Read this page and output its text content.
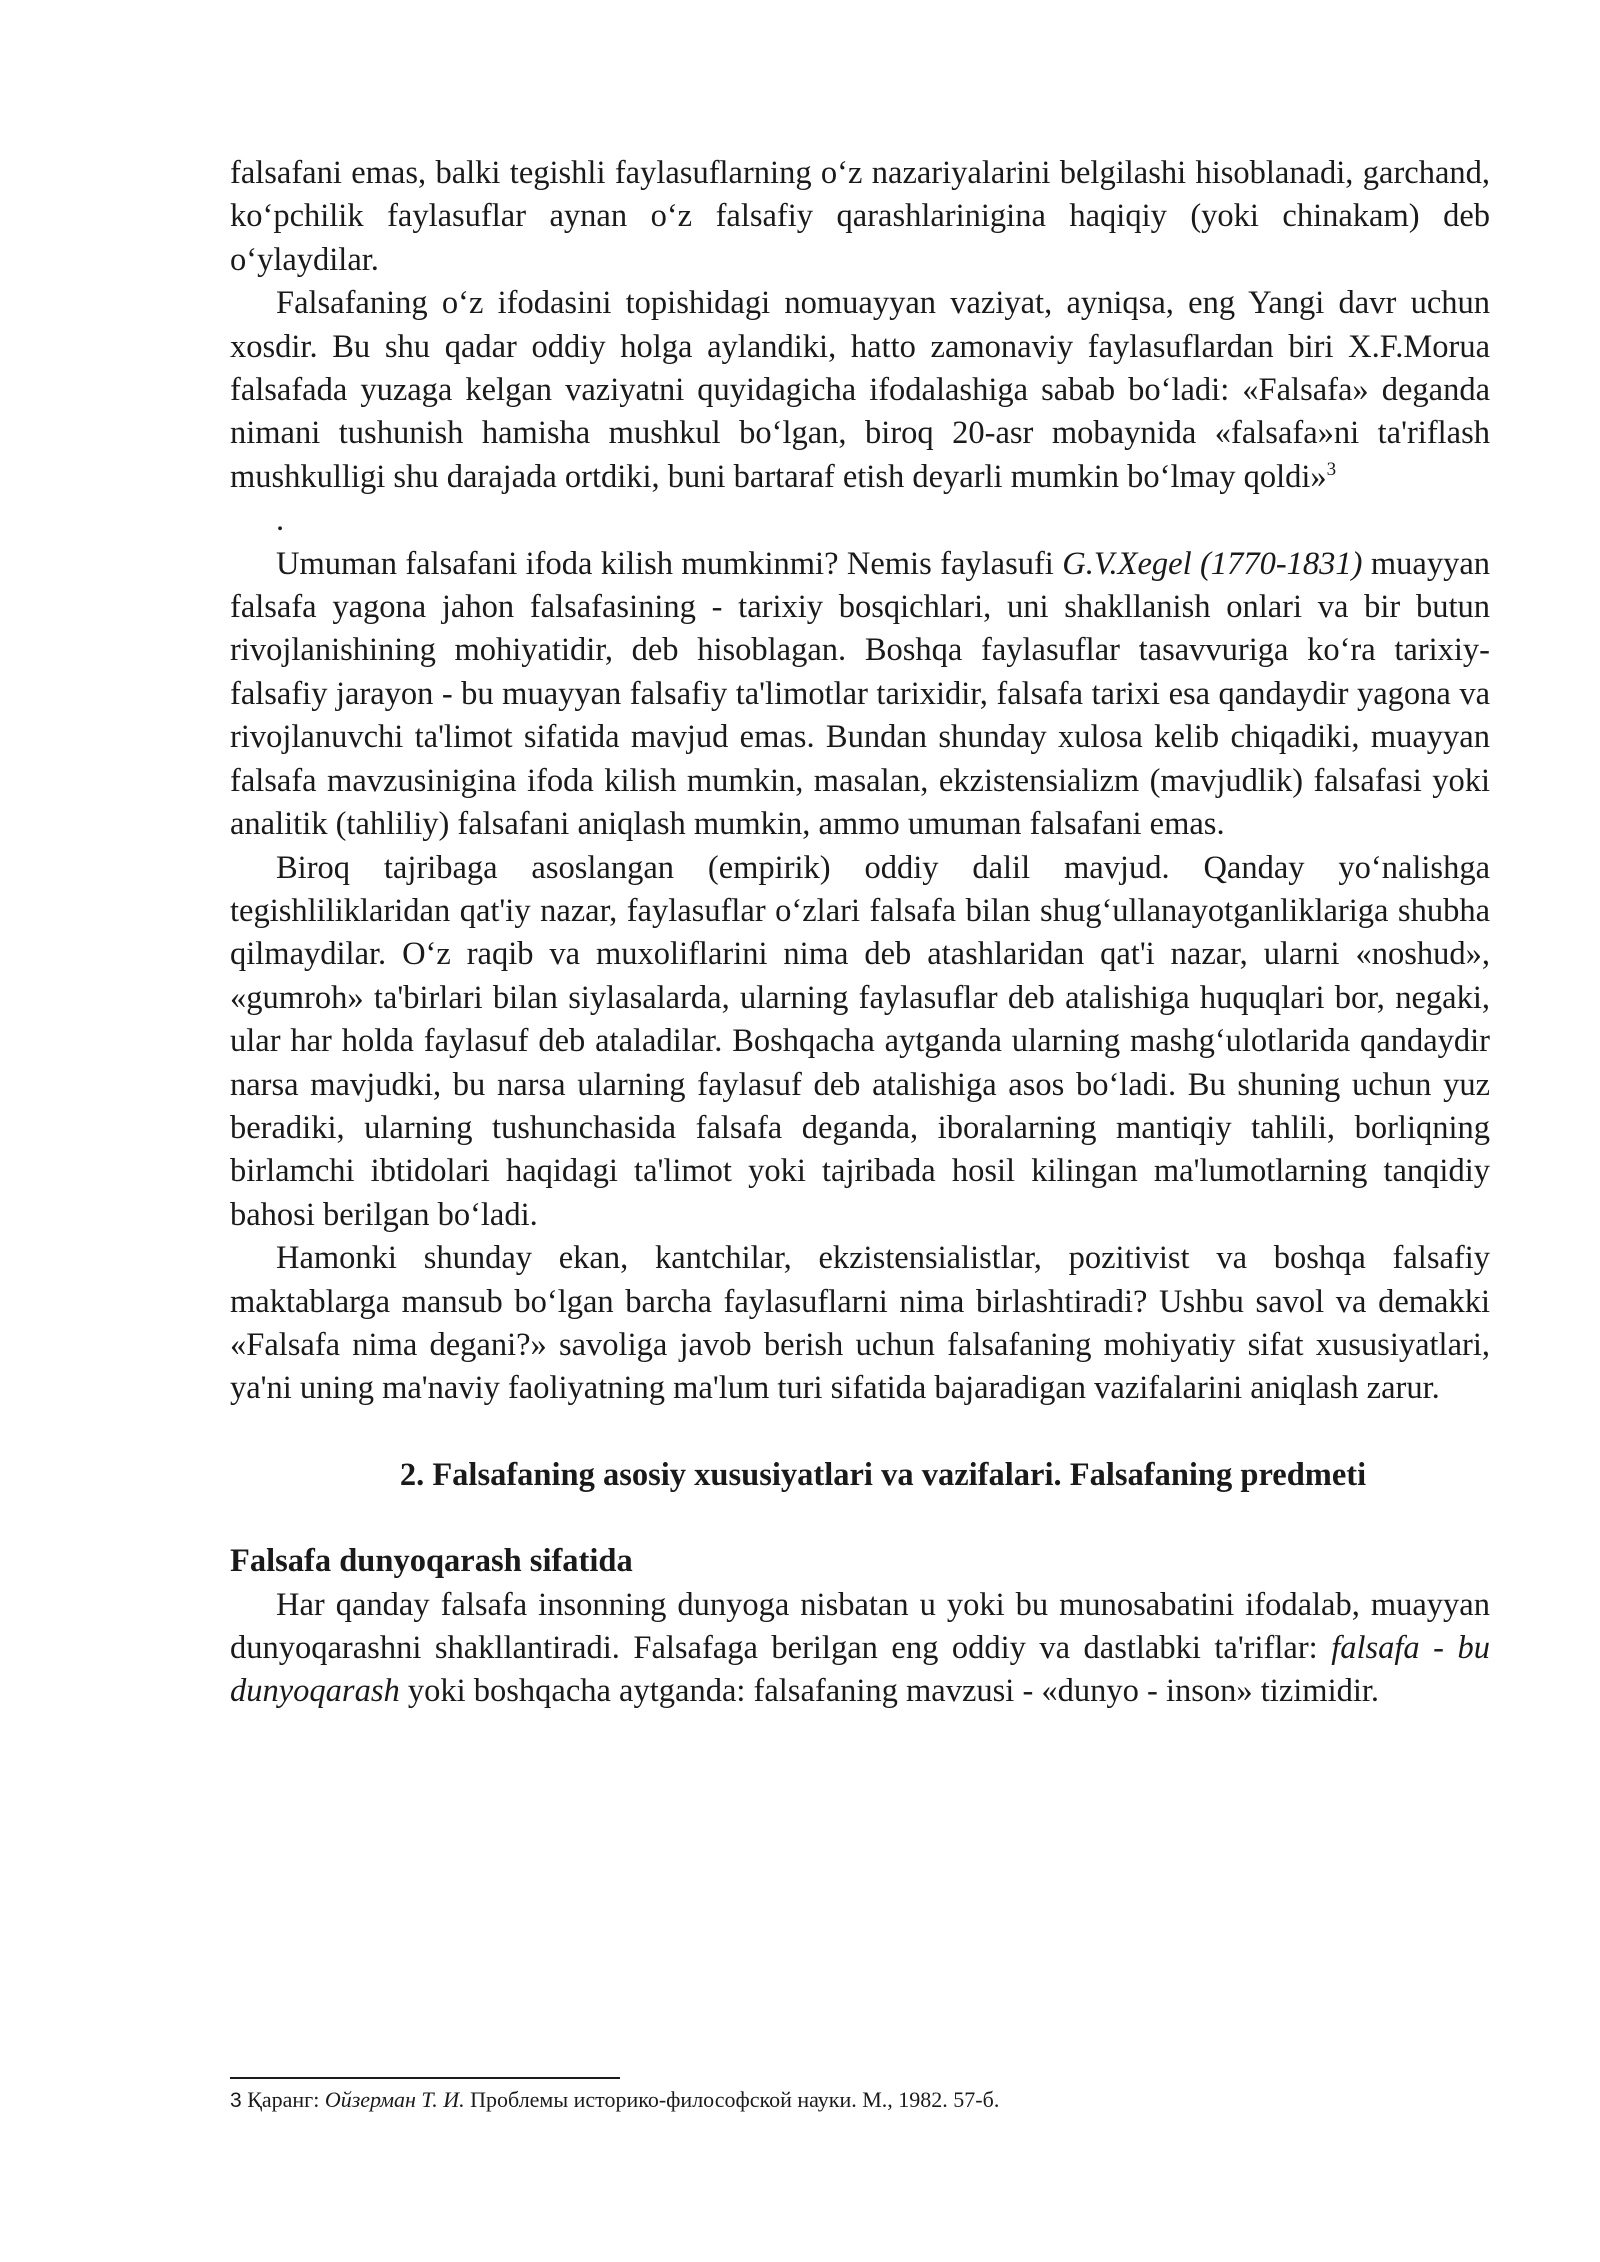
falsafani emas, balki tegishli faylasuflarning o‘z nazariyalarini belgilashi hisoblanadi, garchand, ko‘pchilik faylasuflar aynan o‘z falsafiy qarashlarinigina haqiqiy (yoki chinakam) deb o‘ylaydilar.

Falsafaning o‘z ifodasini topishidagi nomuayyan vaziyat, ayniqsa, eng Yangi davr uchun xosdir. Bu shu qadar oddiy holga aylandiki, hatto zamonaviy faylasuflardan biri X.F.Morua falsafada yuzaga kelgan vaziyatni quyidagicha ifodalashiga sabab bo‘ladi: «Falsafa» deganda nimani tushunish hamisha mushkul bo‘lgan, biroq 20-asr mobaynida «falsafa»ni ta'riflash mushkulligi shu darajada ortdiki, buni bartaraf etish deyarli mumkin bo‘lmay qoldi»$^3$

.

Umuman falsafani ifoda kilish mumkinmi? Nemis faylasufi G.V.Xegel (1770-1831) muayyan falsafa yagona jahon falsafasining - tarixiy bosqichlari, uni shakllanish onlari va bir butun rivojlanishining mohiyatidir, deb hisoblagan. Boshqa faylasuflar tasavvuriga ko‘ra tarixiy-falsafiy jarayon - bu muayyan falsafiy ta'limotlar tarixidir, falsafa tarixi esa qandaydir yagona va rivojlanuvchi ta'limot sifatida mavjud emas. Bundan shunday xulosa kelib chiqadiki, muayyan falsafa mavzusinigina ifoda kilish mumkin, masalan, ekzistensializm (mavjudlik) falsafasi yoki analitik (tahliliy) falsafani aniqlash mumkin, ammo umuman falsafani emas.

Biroq tajribaga asoslangan (empirik) oddiy dalil mavjud. Qanday yo‘nalishga tegishliliklaridan qat'iy nazar, faylasuflar o‘zlari falsafa bilan shug‘ullanayotganliklariga shubha qilmaydilar. O‘z raqib va muxoliflarini nima deb atashlaridan qat'i nazar, ularni «noshud», «gumroh» ta'birlari bilan siylasalarda, ularning faylasuflar deb atalishiga huquqlari bor, negaki, ular har holda faylasuf deb ataladilar. Boshqacha aytganda ularning mashg‘ulotlarida qandaydir narsa mavjudki, bu narsa ularning faylasuf deb atalishiga asos bo‘ladi. Bu shuning uchun yuz beradiki, ularning tushunchasida falsafa deganda, iboralarning mantiqiy tahlili, borliqning birlamchi ibtidolari haqidagi ta'limot yoki tajribada hosil kilingan ma'lumotlarning tanqidiy bahosi berilgan bo‘ladi.

Hamonki shunday ekan, kantchilar, ekzistensialistlar, pozitivist va boshqa falsafiy maktablarga mansub bo‘lgan barcha faylasuflarni nima birlashtiradi? Ushbu savol va demakki «Falsafa nima degani?» savoliga javob berish uchun falsafaning mohiyatiy sifat xususiyatlari, ya'ni uning ma'naviy faoliyatning ma'lum turi sifatida bajaradigan vazifalarini aniqlash zarur.

2. Falsafaning asosiy xususiyatlari va vazifalari. Falsafaning predmeti
Falsafa dunyoqarash sifatida

Har qanday falsafa insonning dunyoga nisbatan u yoki bu munosabatini ifodalab, muayyan dunyoqarashni shakllantiradi. Falsafaga berilgan eng oddiy va dastlabki ta'riflar: falsafa - bu dunyoqarash yoki boshqacha aytganda: falsafaning mavzusi - «dunyo - inson» tizimidir.

3 Қаранг: Ойзерман Т. И. Проблемы историко-философской науки. М., 1982. 57-б.
